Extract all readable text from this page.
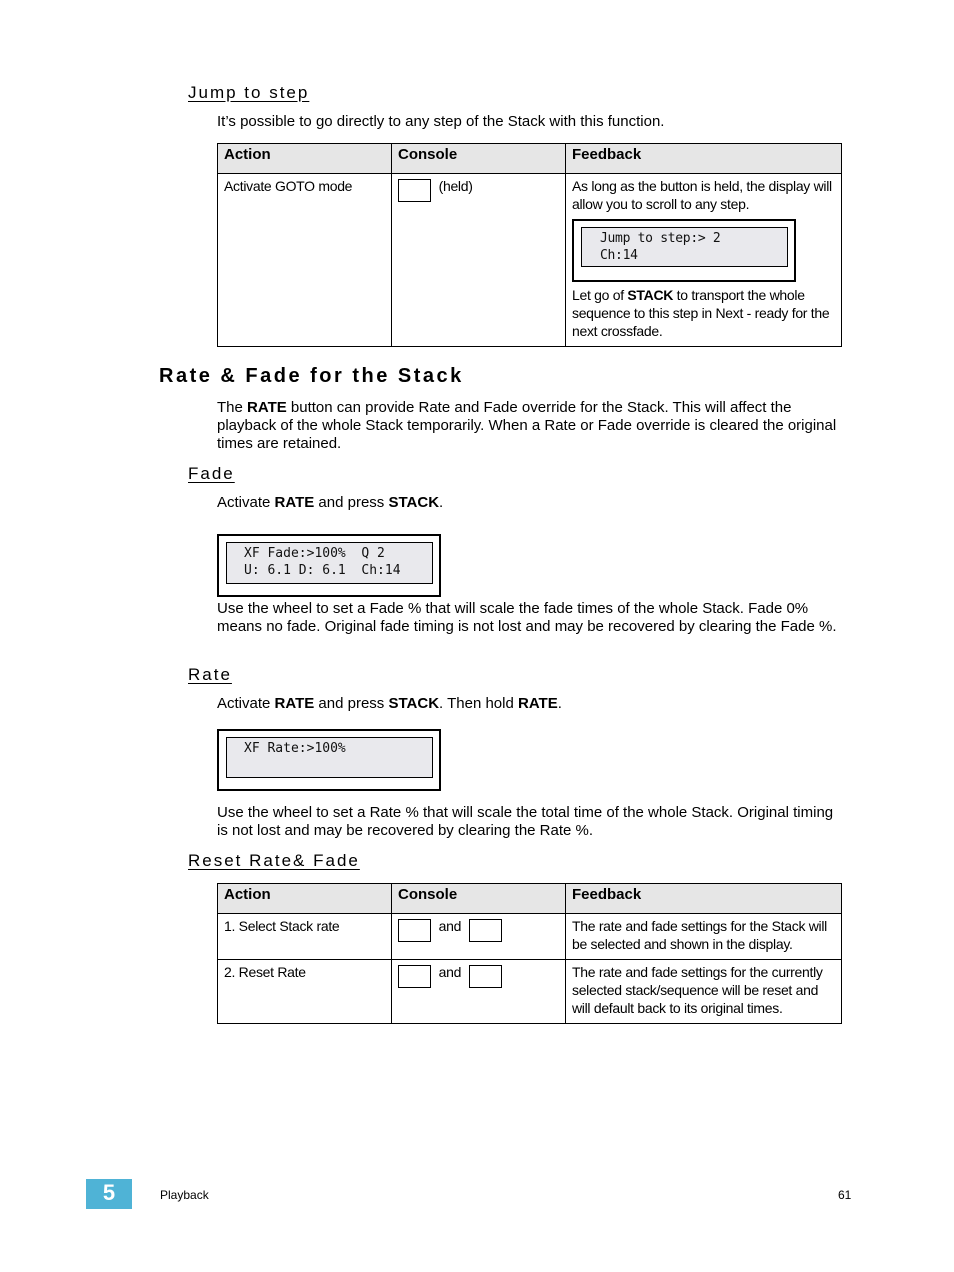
Jump to step
It’s possible to go directly to any step of the Stack with this function.
Action	Console	Feedback
Activate GOTO mode	(held)	As long as the button is held, the display will allow you to scroll to any step.
Jump to step:> 2
Ch:14
Let go of STACK to transport the whole sequence to this step in Next - ready for the next crossfade.
Rate & Fade for the Stack
The RATE button can provide Rate and Fade override for the Stack. This will affect the playback of the whole Stack temporarily. When a Rate or Fade override is cleared the original times are retained.
Fade
Activate RATE and press STACK.
XF Fade:>100%  Q 2
U: 6.1 D: 6.1  Ch:14
Use the wheel to set a Fade % that will scale the fade times of the whole Stack. Fade 0% means no fade. Original fade timing is not lost and may be recovered by clearing the Fade %.
Rate
Activate RATE and press STACK. Then hold RATE.
XF Rate:>100%
Use the wheel to set a Rate % that will scale the total time of the whole Stack. Original timing is not lost and may be recovered by clearing the Rate %.
Reset Rate& Fade
Action	Console	Feedback
1. Select Stack rate	and	The rate and fade settings for the Stack will be selected and shown in the display.
2. Reset Rate	and	The rate and fade settings for the currently selected stack/sequence will be reset and will default back to its original times.
5	Playback	61
